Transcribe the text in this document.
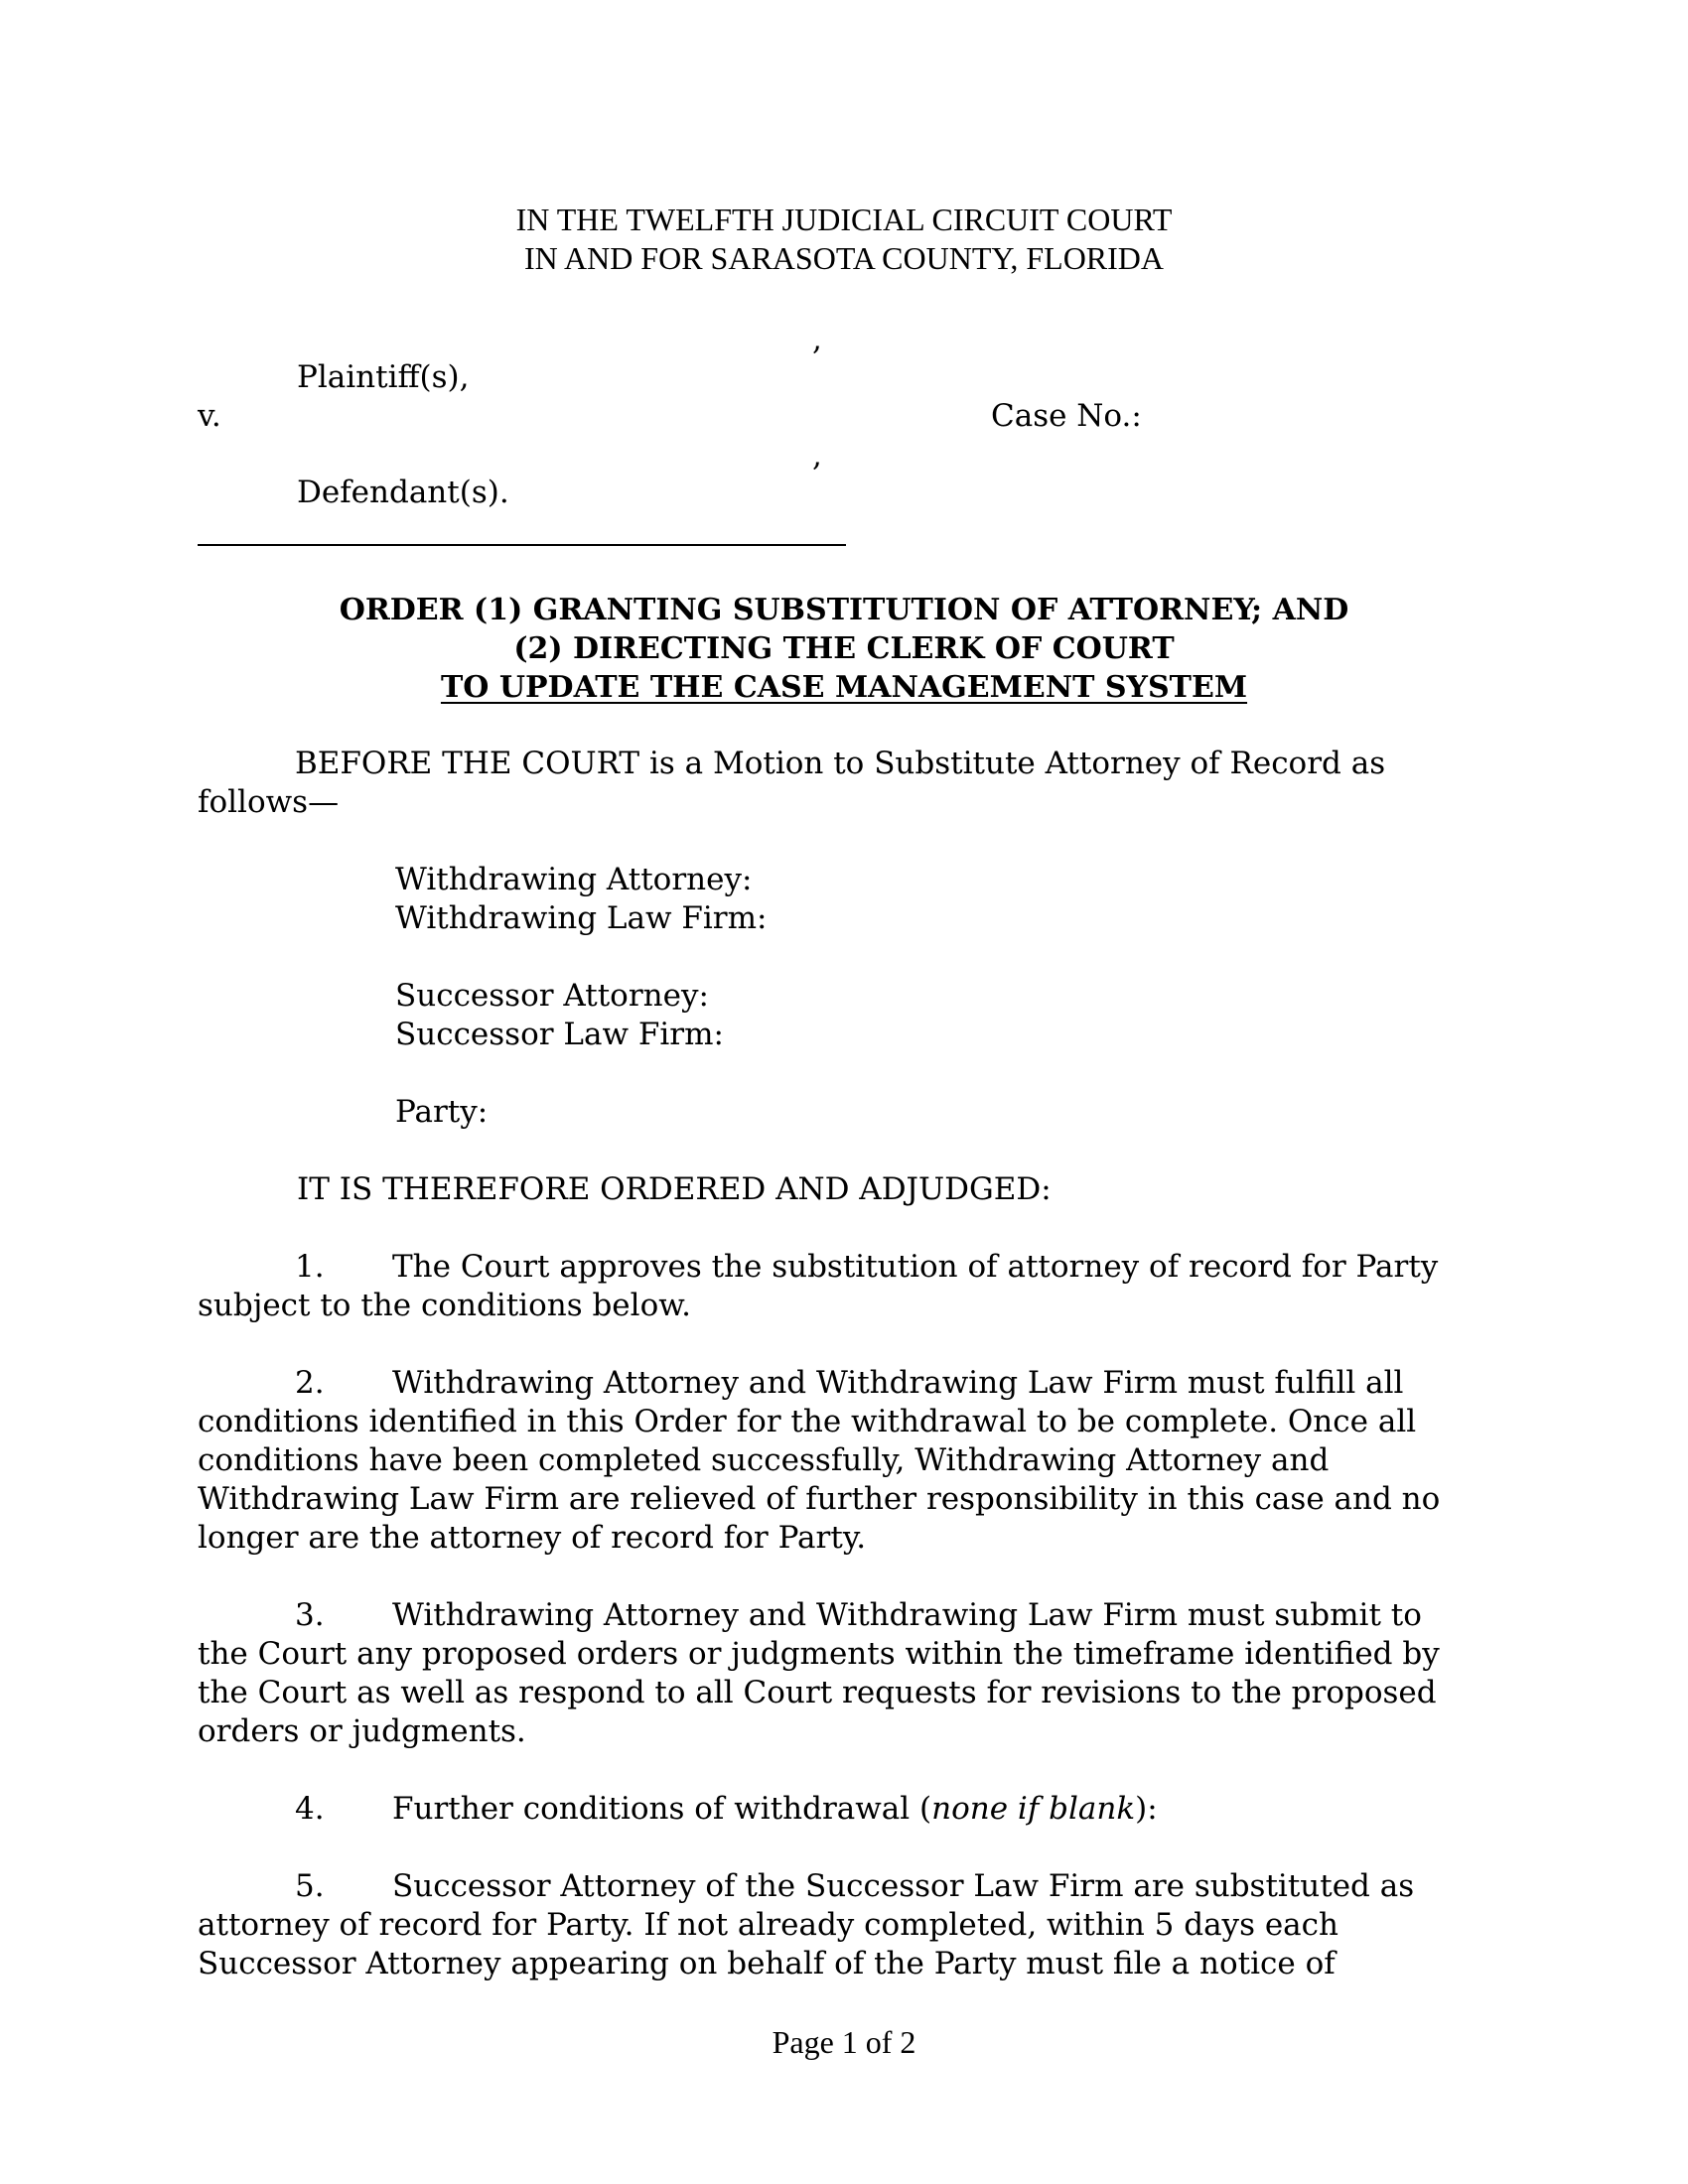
IN THE TWELFTH JUDICIAL CIRCUIT COURT
IN AND FOR SARASOTA COUNTY, FLORIDA
,
Plaintiff(s),
v.	Case No.:
,
Defendant(s).
ORDER (1) GRANTING SUBSTITUTION OF ATTORNEY; AND
(2) DIRECTING THE CLERK OF COURT
TO UPDATE THE CASE MANAGEMENT SYSTEM

BEFORE THE COURT is a Motion to Substitute Attorney of Record as

follows—

Withdrawing Attorney:
Withdrawing Law Firm:
Successor Attorney:
Successor Law Firm:
Party:
IT IS THEREFORE ORDERED AND ADJUDGED:

1. The Court approves the substitution of attorney of record for Party

subject to the conditions below.

2. Withdrawing Attorney and Withdrawing Law Firm must fulfill all

conditions identified in this Order for the withdrawal to be complete. Once all

conditions have been completed successfully, Withdrawing Attorney and

Withdrawing Law Firm are relieved of further responsibility in this case and no

longer are the attorney of record for Party.

3. Withdrawing Attorney and Withdrawing Law Firm must submit to

the Court any proposed orders or judgments within the timeframe identified by

the Court as well as respond to all Court requests for revisions to the proposed

orders or judgments.

4. Further conditions of withdrawal (none if blank):

5. Successor Attorney of the Successor Law Firm are substituted as

attorney of record for Party. If not already completed, within 5 days each

Successor Attorney appearing on behalf of the Party must file a notice of

Page 1 of 2
